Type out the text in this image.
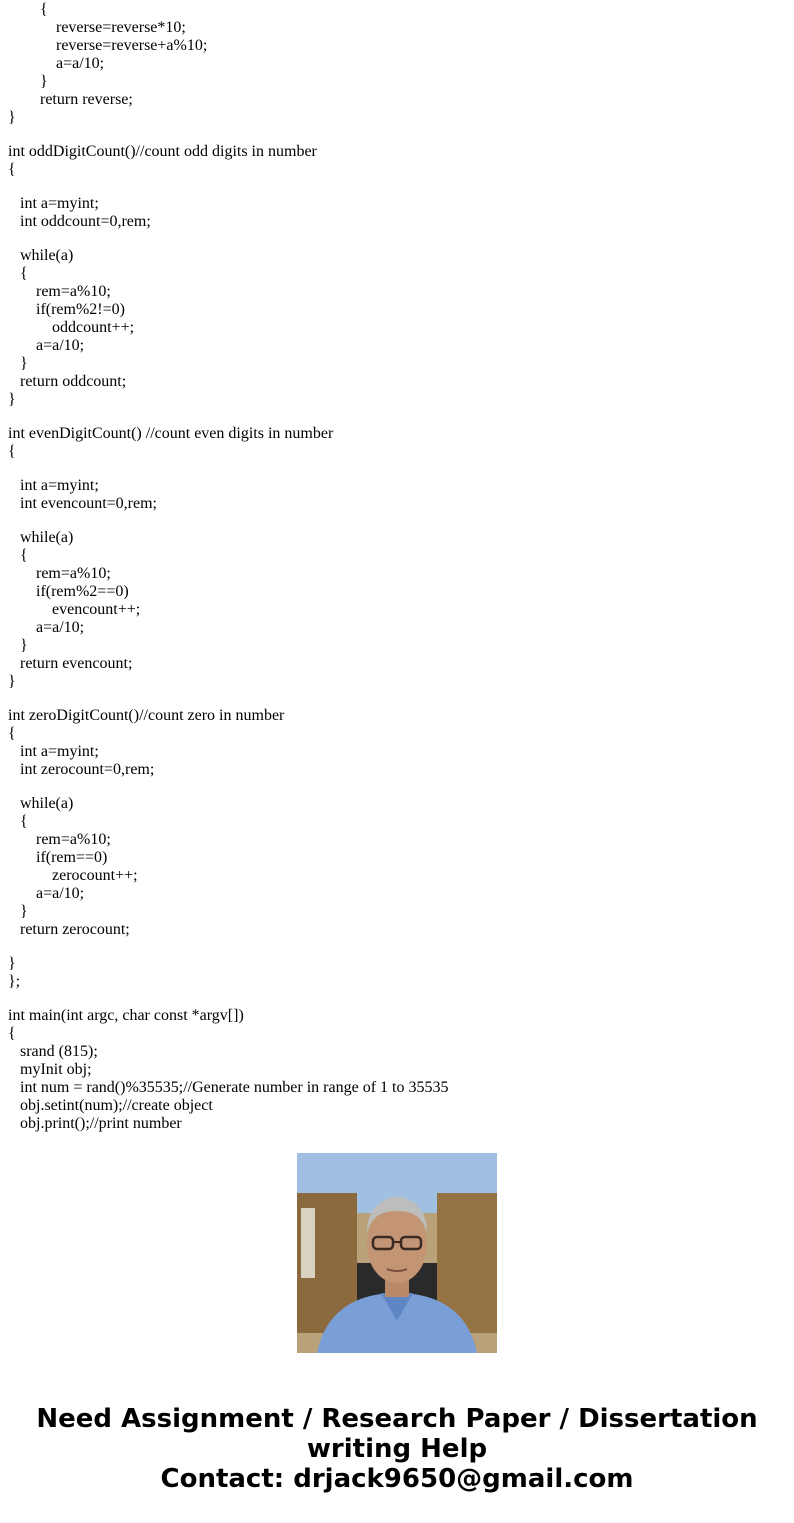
{
reverse=reverse*10;
reverse=reverse+a%10;
a=a/10;
}
return reverse;
}
int oddDigitCount()//count odd digits in number
{
int a=myint;
int oddcount=0,rem;
while(a)
{
rem=a%10;
if(rem%2!=0)
oddcount++;
a=a/10;
}
return oddcount;
}
int evenDigitCount() //count even digits in number
{
int a=myint;
int evencount=0,rem;
while(a)
{
rem=a%10;
if(rem%2==0)
evencount++;
a=a/10;
}
return evencount;
}
int zeroDigitCount()//count zero in number
{
int a=myint;
int zerocount=0,rem;
while(a)
{
rem=a%10;
if(rem==0)
zerocount++;
a=a/10;
}
return zerocount;
}
};
int main(int argc, char const *argv[])
{
srand (815);
myInit obj;
int num = rand()%35535;//Generate number in range of 1 to 35535
obj.setint(num);//create object
obj.print();//print number
Need Assignment / Research Paper / Dissertation
writing Help
Contact: drjack9650@gmail.com
